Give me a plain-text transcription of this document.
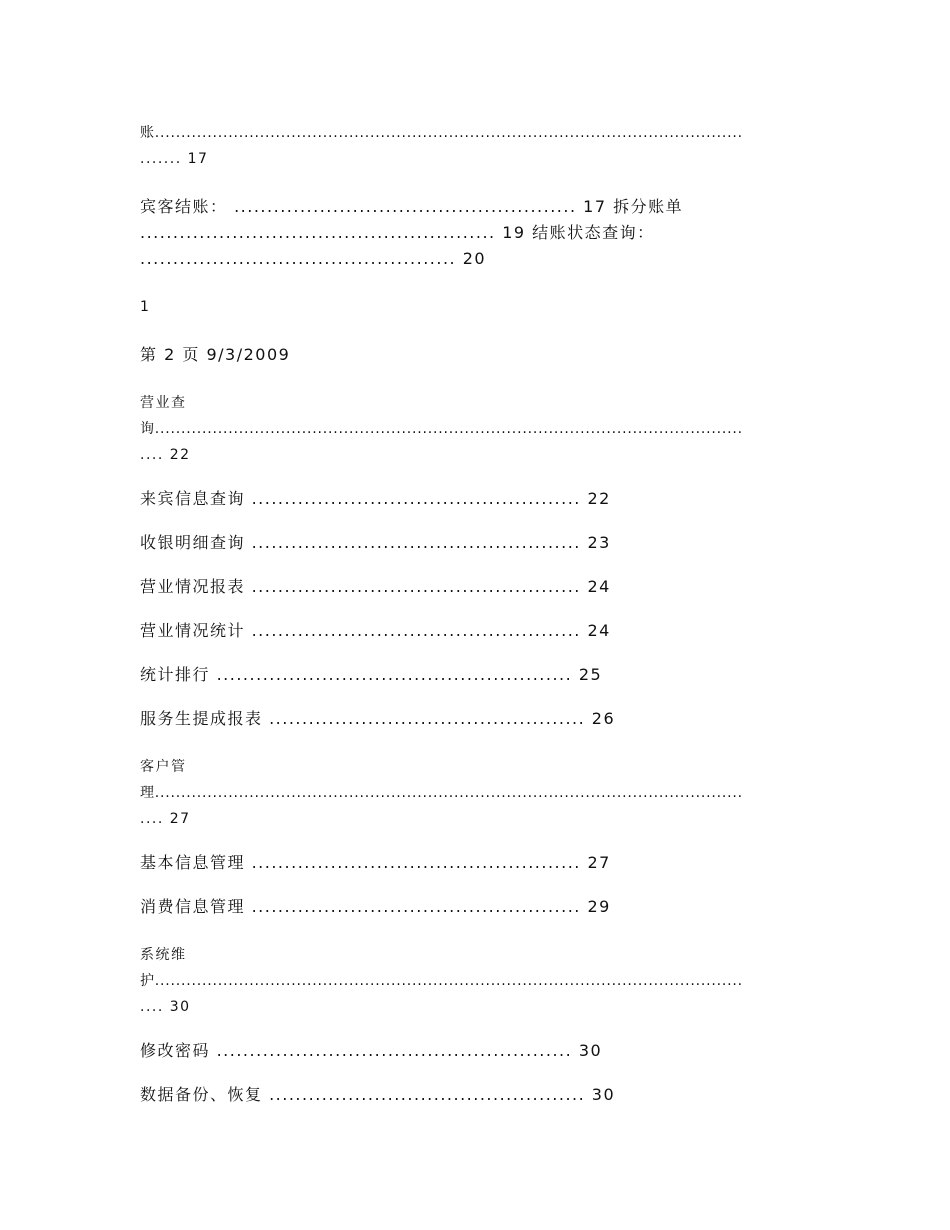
账................................................................................................................
....... 17
宾客结账： .................................................... 17 拆分账单
...................................................... 19 结账状态查询：
................................................ 20
1
第 2 页 9/3/2009
营业查
询................................................................................................................
.... 22
来宾信息查询 .................................................. 22
收银明细查询 .................................................. 23
营业情况报表 .................................................. 24
营业情况统计 .................................................. 24
统计排行 ...................................................... 25
服务生提成报表 ................................................ 26
客户管
理................................................................................................................
.... 27
基本信息管理 .................................................. 27
消费信息管理 .................................................. 29
系统维
护................................................................................................................
.... 30
修改密码 ...................................................... 30
数据备份、恢复 ................................................ 30
